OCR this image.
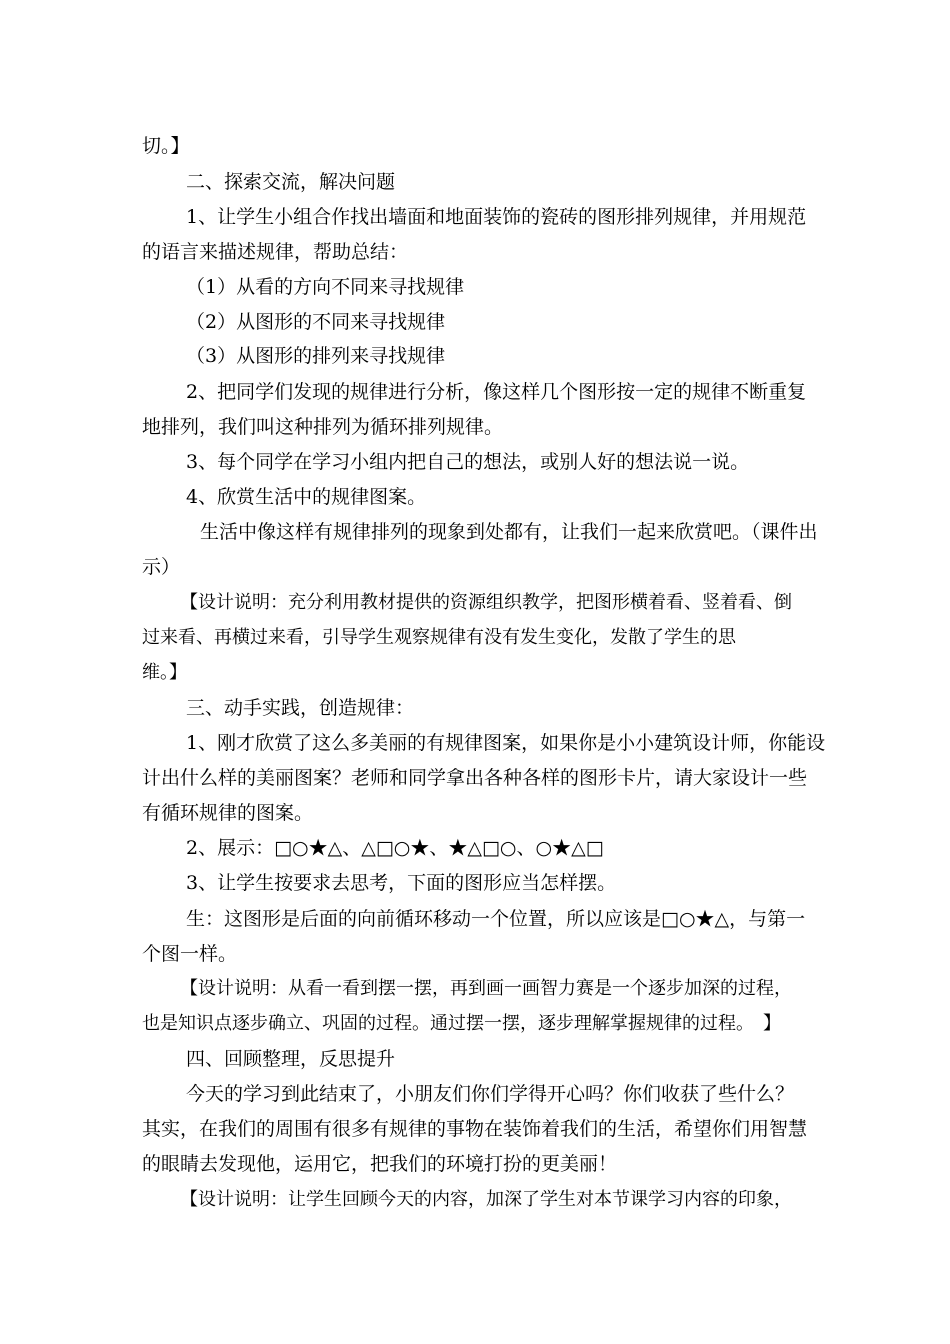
切。】
二、探索交流，解决问题
1、让学生小组合作找出墙面和地面装饰的瓷砖的图形排列规律，并用规范
的语言来描述规律，帮助总结：
（1）从看的方向不同来寻找规律
（2）从图形的不同来寻找规律
（3）从图形的排列来寻找规律
2、把同学们发现的规律进行分析，像这样几个图形按一定的规律不断重复
地排列，我们叫这种排列为循环排列规律。
3、每个同学在学习小组内把自己的想法，或别人好的想法说一说。
4、欣赏生活中的规律图案。
生活中像这样有规律排列的现象到处都有，让我们一起来欣赏吧。（课件出
示）
【设计说明：充分利用教材提供的资源组织教学，把图形横着看、竖着看、倒
过来看、再横过来看，引导学生观察规律有没有发生变化，发散了学生的思
维。】
三、动手实践，创造规律：
1、刚才欣赏了这么多美丽的有规律图案，如果你是小小建筑设计师，你能设
计出什么样的美丽图案？老师和同学拿出各种各样的图形卡片，请大家设计一些
有循环规律的图案。
2、展示：□○★△、△□○★、★△□○、○★△□
3、让学生按要求去思考，下面的图形应当怎样摆。
生：这图形是后面的向前循环移动一个位置，所以应该是□○★△，与第一
个图一样。
【设计说明：从看一看到摆一摆，再到画一画智力赛是一个逐步加深的过程，
也是知识点逐步确立、巩固的过程。通过摆一摆，逐步理解掌握规律的过程。　】
四、回顾整理，反思提升
今天的学习到此结束了，小朋友们你们学得开心吗？你们收获了些什么？
其实，在我们的周围有很多有规律的事物在装饰着我们的生活，希望你们用智慧
的眼睛去发现他，运用它，把我们的环境打扮的更美丽！
【设计说明：让学生回顾今天的内容，加深了学生对本节课学习内容的印象，
